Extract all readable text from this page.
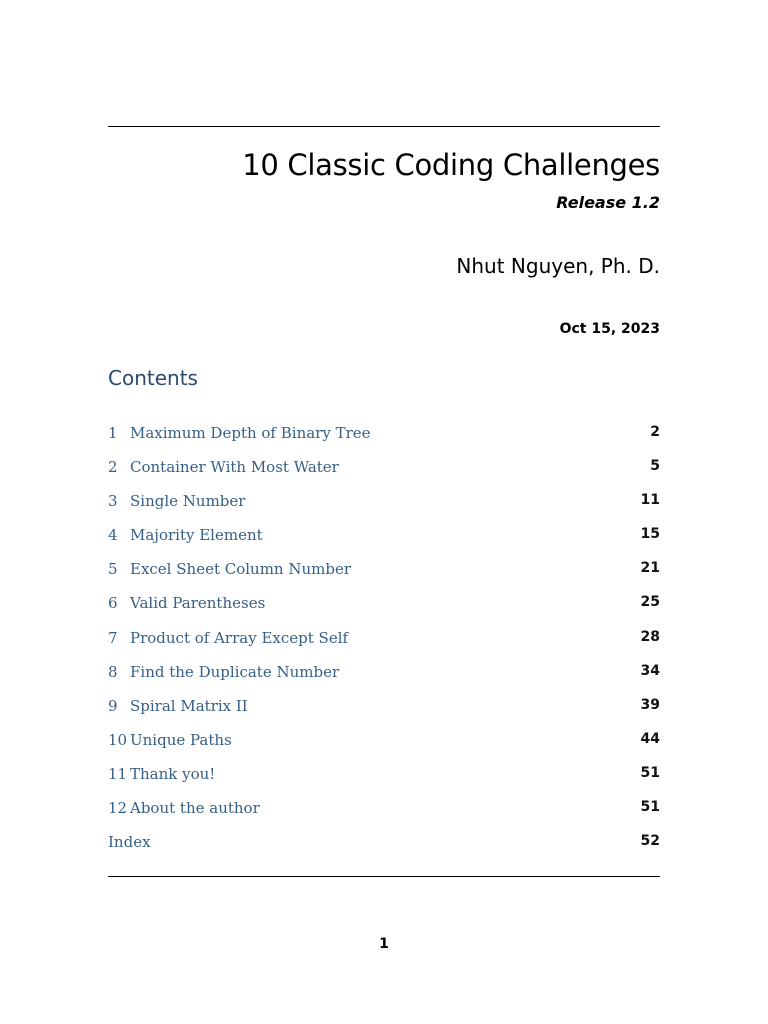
10 Classic Coding Challenges
Release 1.2
Nhut Nguyen, Ph. D.
Oct 15, 2023
Contents
1 Maximum Depth of Binary Tree	2
2 Container With Most Water	5
3 Single Number	11
4 Majority Element	15
5 Excel Sheet Column Number	21
6 Valid Parentheses	25
7 Product of Array Except Self	28
8 Find the Duplicate Number	34
9 Spiral Matrix II	39
10 Unique Paths	44
11 Thank you!	51
12 About the author	51
Index	52
1
